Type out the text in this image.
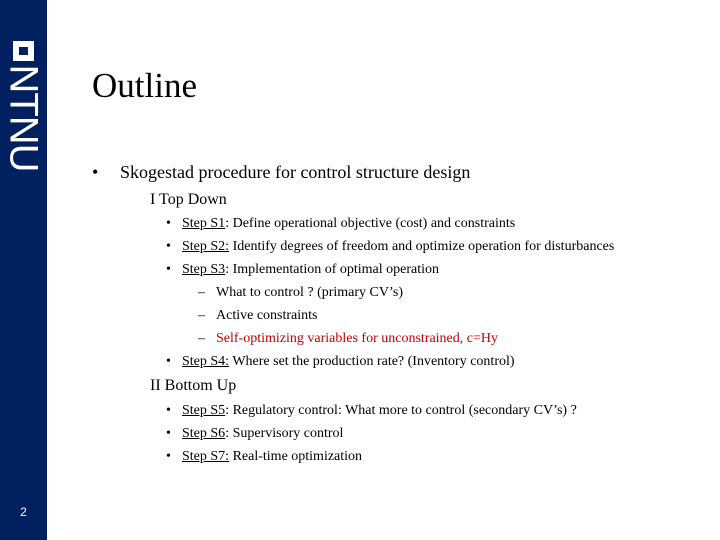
NTNU
2
Outline
• Skogestad procedure for control structure design
I Top Down
• Step S1: Define operational objective (cost) and constraints
• Step S2: Identify degrees of freedom and optimize operation for disturbances
• Step S3: Implementation of optimal operation
– What to control ? (primary CV’s)
– Active constraints
– Self-optimizing variables for unconstrained, c=Hy
• Step S4: Where set the production rate? (Inventory control)
II Bottom Up
• Step S5: Regulatory control: What more to control (secondary CV’s) ?
• Step S6: Supervisory control
• Step S7: Real-time optimization
